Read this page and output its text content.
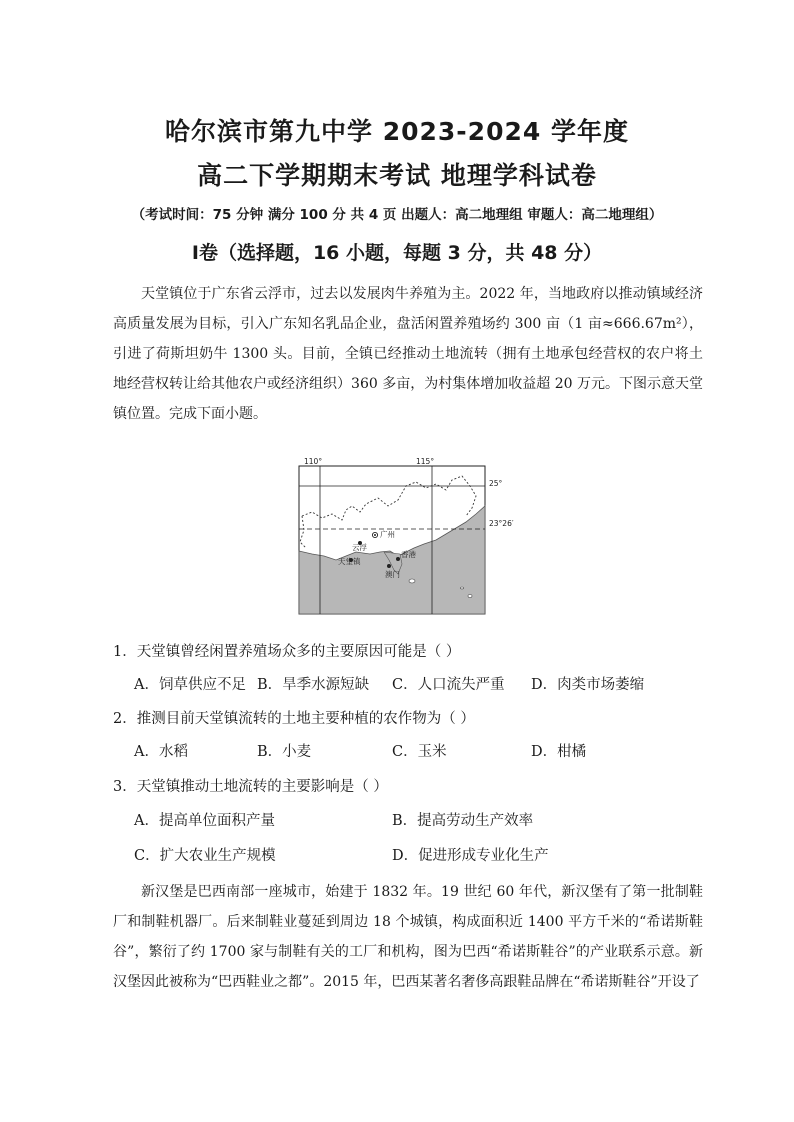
哈尔滨市第九中学 2023-2024 学年度
高二下学期期末考试 地理学科试卷
（考试时间：75 分钟 满分 100 分 共 4 页 出题人：高二地理组 审题人：高二地理组）
Ⅰ卷（选择题，16 小题，每题 3 分，共 48 分）

天堂镇位于广东省云浮市，过去以发展肉牛养殖为主。2022 年，当地政府以推动镇域经济高质量发展为目标，引入广东知名乳品企业，盘活闲置养殖场约 300 亩（1 亩≈666.67m²），引进了荷斯坦奶牛 1300 头。目前，全镇已经推动土地流转（拥有土地承包经营权的农户将土地经营权转让给其他农户或经济组织）360 多亩，为村集体增加收益超 20 万元。下图示意天堂镇位置。完成下面小题。

110°	115°
25°
23°26′
广州
云浮
天堂镇
香港
澳门
1．天堂镇曾经闲置养殖场众多的主要原因可能是（ ）
A．饲草供应不足 B．旱季水源短缺 C．人口流失严重 D．肉类市场萎缩
2．推测目前天堂镇流转的土地主要种植的农作物为（ ）
A．水稻	B．小麦	C．玉米	D．柑橘
3．天堂镇推动土地流转的主要影响是（ ）
A．提高单位面积产量	B．提高劳动生产效率
C．扩大农业生产规模	D．促进形成专业化生产

新汉堡是巴西南部一座城市，始建于 1832 年。19 世纪 60 年代，新汉堡有了第一批制鞋厂和制鞋机器厂。后来制鞋业蔓延到周边 18 个城镇，构成面积近 1400 平方千米的“希诺斯鞋谷”，繁衍了约 1700 家与制鞋有关的工厂和机构，图为巴西“希诺斯鞋谷”的产业联系示意。新汉堡因此被称为“巴西鞋业之都”。2015 年，巴西某著名奢侈高跟鞋品牌在“希诺斯鞋谷”开设了
